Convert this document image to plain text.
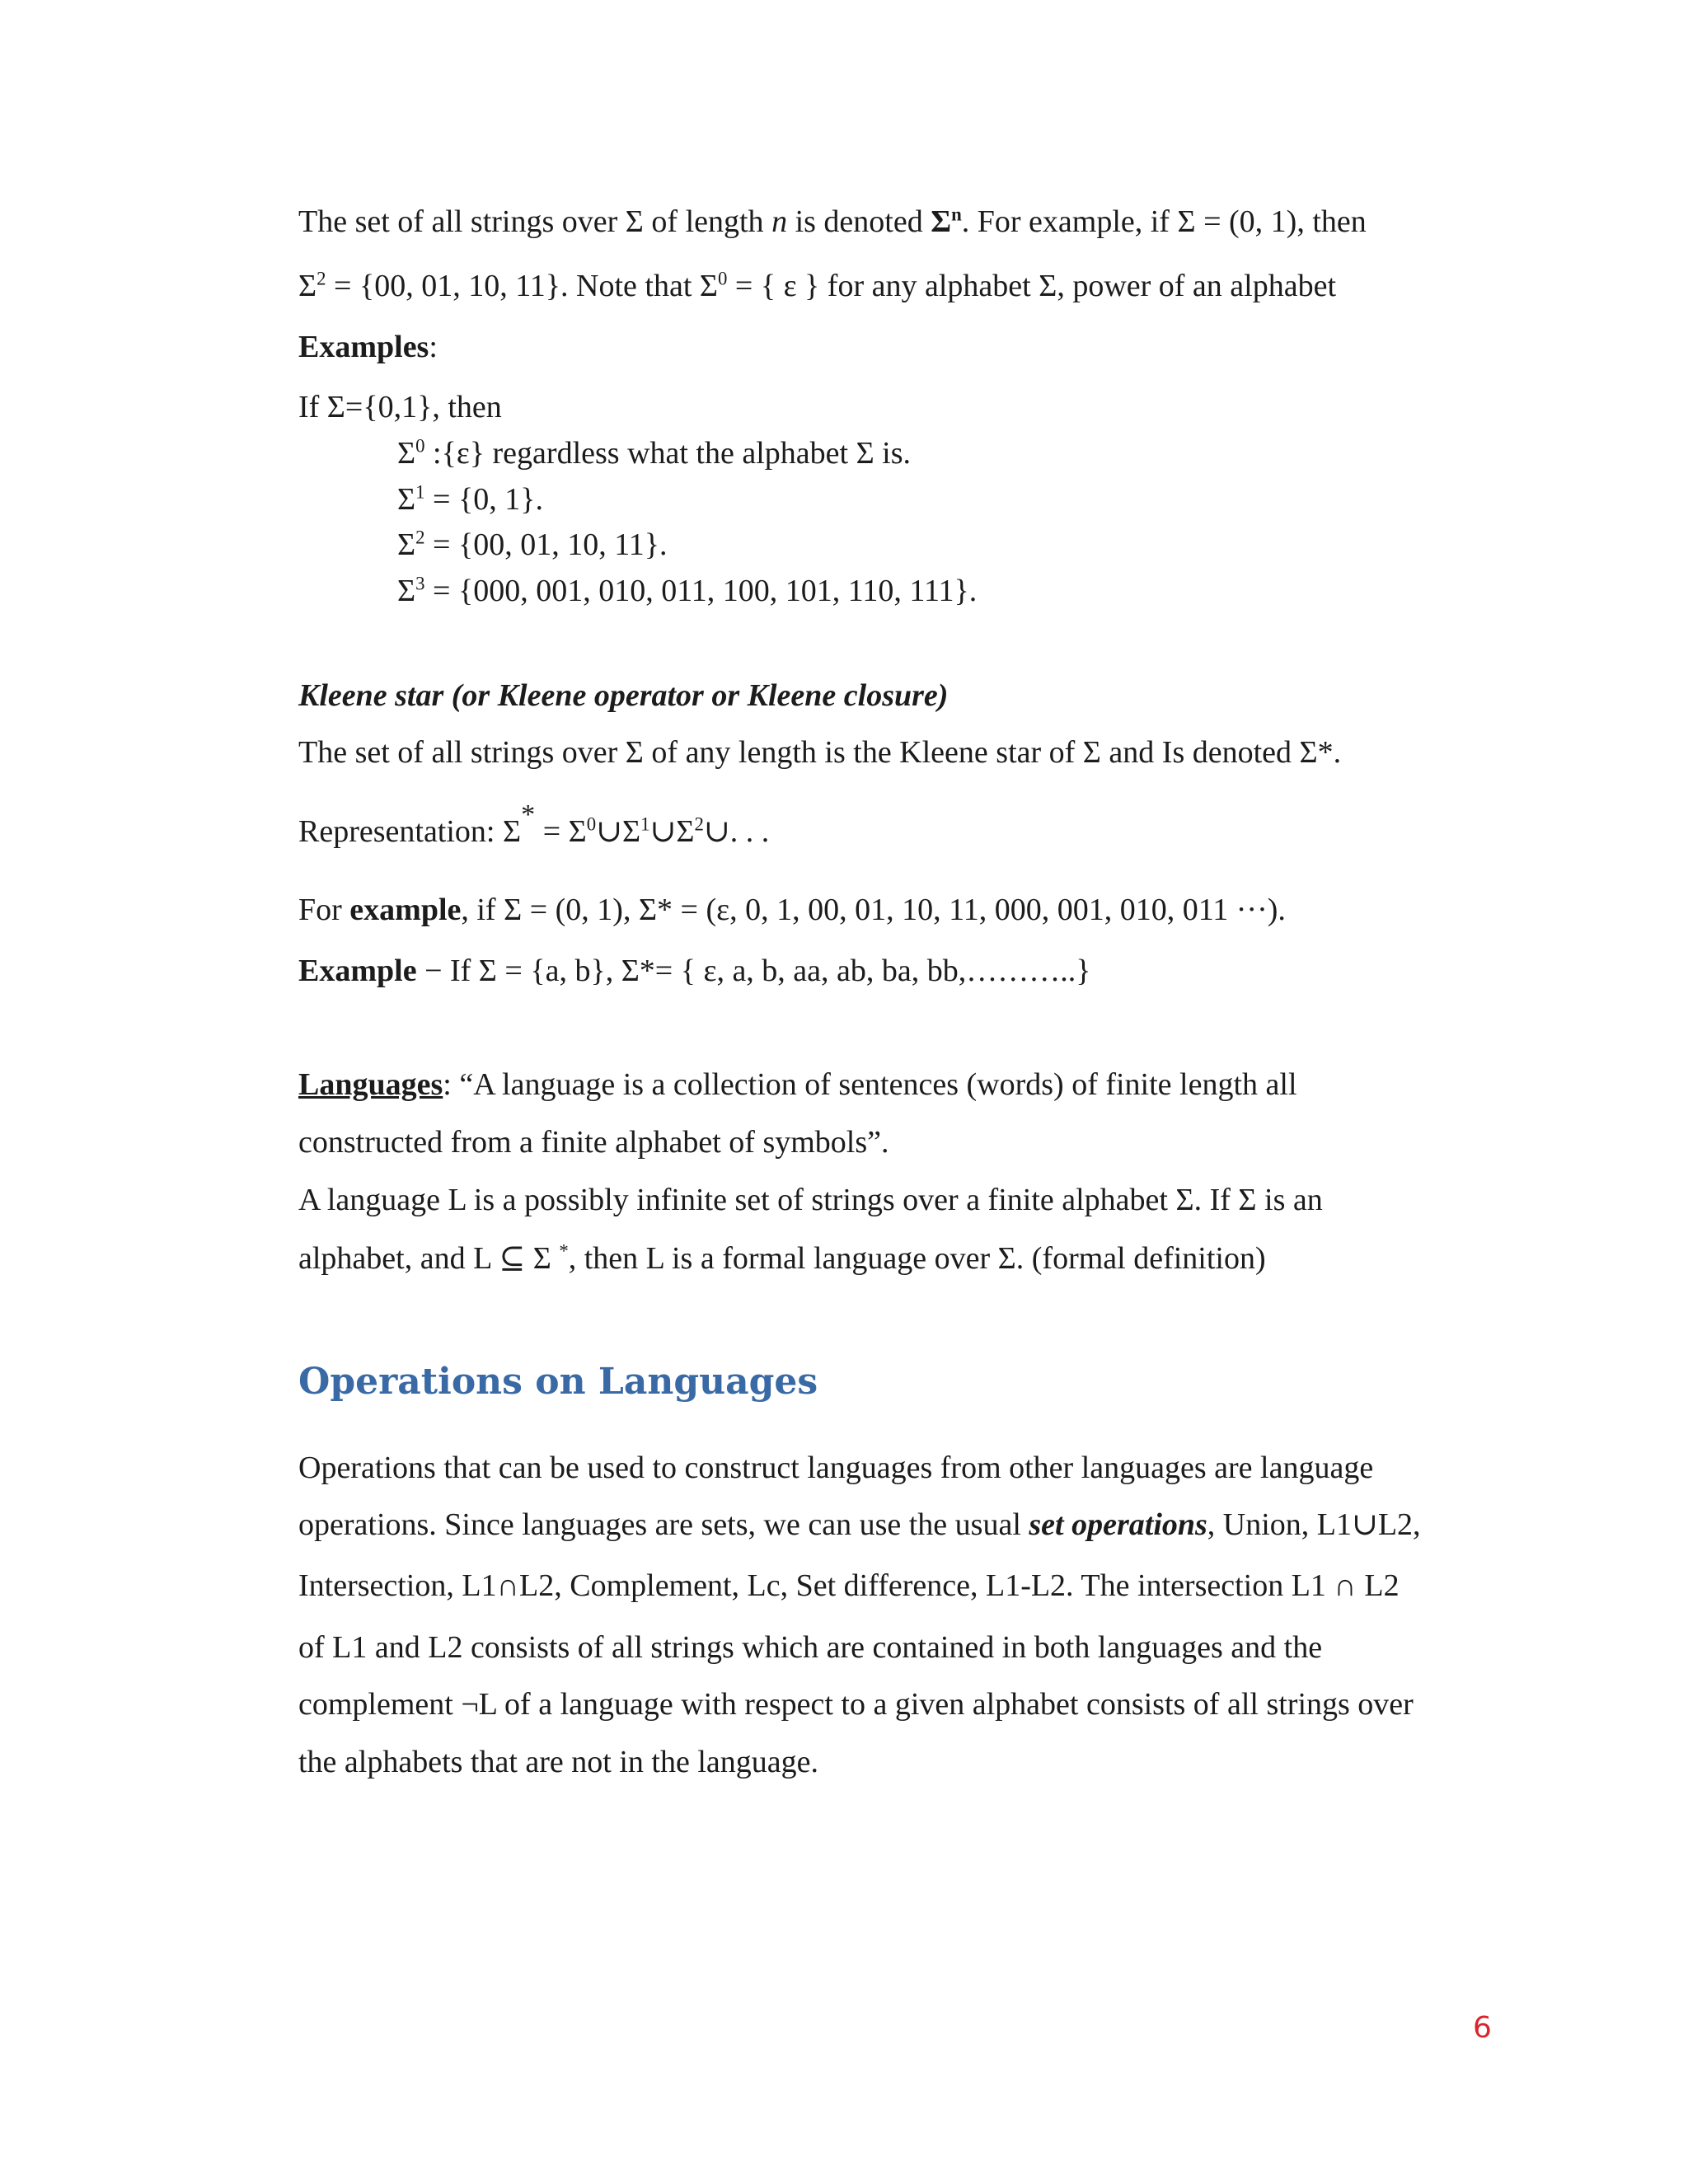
The set of all strings over Σ of length n is denoted $\Sigma^n$. For example, if Σ = (0, 1), then
$\Sigma^2 = \{00$, 01, 10, 11}. Note that $\Sigma^0$ = { ε } for any alphabet Σ, power of an alphabet
Examples:
If Σ={0,1}, then
$\Sigma^0$ :{ε} regardless what the alphabet Σ is.
$\Sigma^1 = \{0$, 1}.
$\Sigma^2 = \{00$, 01, 10, 11}.
$\Sigma^3 = \{000$, 001, 010, 011, 100, 101, 110, 111}.
Kleene star (or Kleene operator or Kleene closure)
The set of all strings over Σ of any length is the Kleene star of Σ and Is denoted Σ*.
Representation: $\Sigma* = \Sigma^0\cup\Sigma^1\cup\Sigma^2\cup$. . .
For example, if Σ = (0, 1), Σ* = (ε, 0, 1, 00, 01, 10, 11, 000, 001, 010, 011 ···).
Example − If Σ = {a, b}, Σ*= { ε, a, b, aa, ab, ba, bb,………..}
Languages: “A language is a collection of sentences (words) of finite length all
constructed from a finite alphabet of symbols”.
A language L is a possibly infinite set of strings over a finite alphabet Σ. If Σ is an
alphabet, and L ⊆ Σ *, then L is a formal language over Σ. (formal definition)
Operations on Languages
Operations that can be used to construct languages from other languages are language
operations. Since languages are sets, we can use the usual set operations, Union, L1∪L2,
Intersection, L1∩L2, Complement, Lc, Set difference, L1-L2. The intersection L1 ∩ L2
of L1 and L2 consists of all strings which are contained in both languages and the
complement ¬L of a language with respect to a given alphabet consists of all strings over
the alphabets that are not in the language.
6
